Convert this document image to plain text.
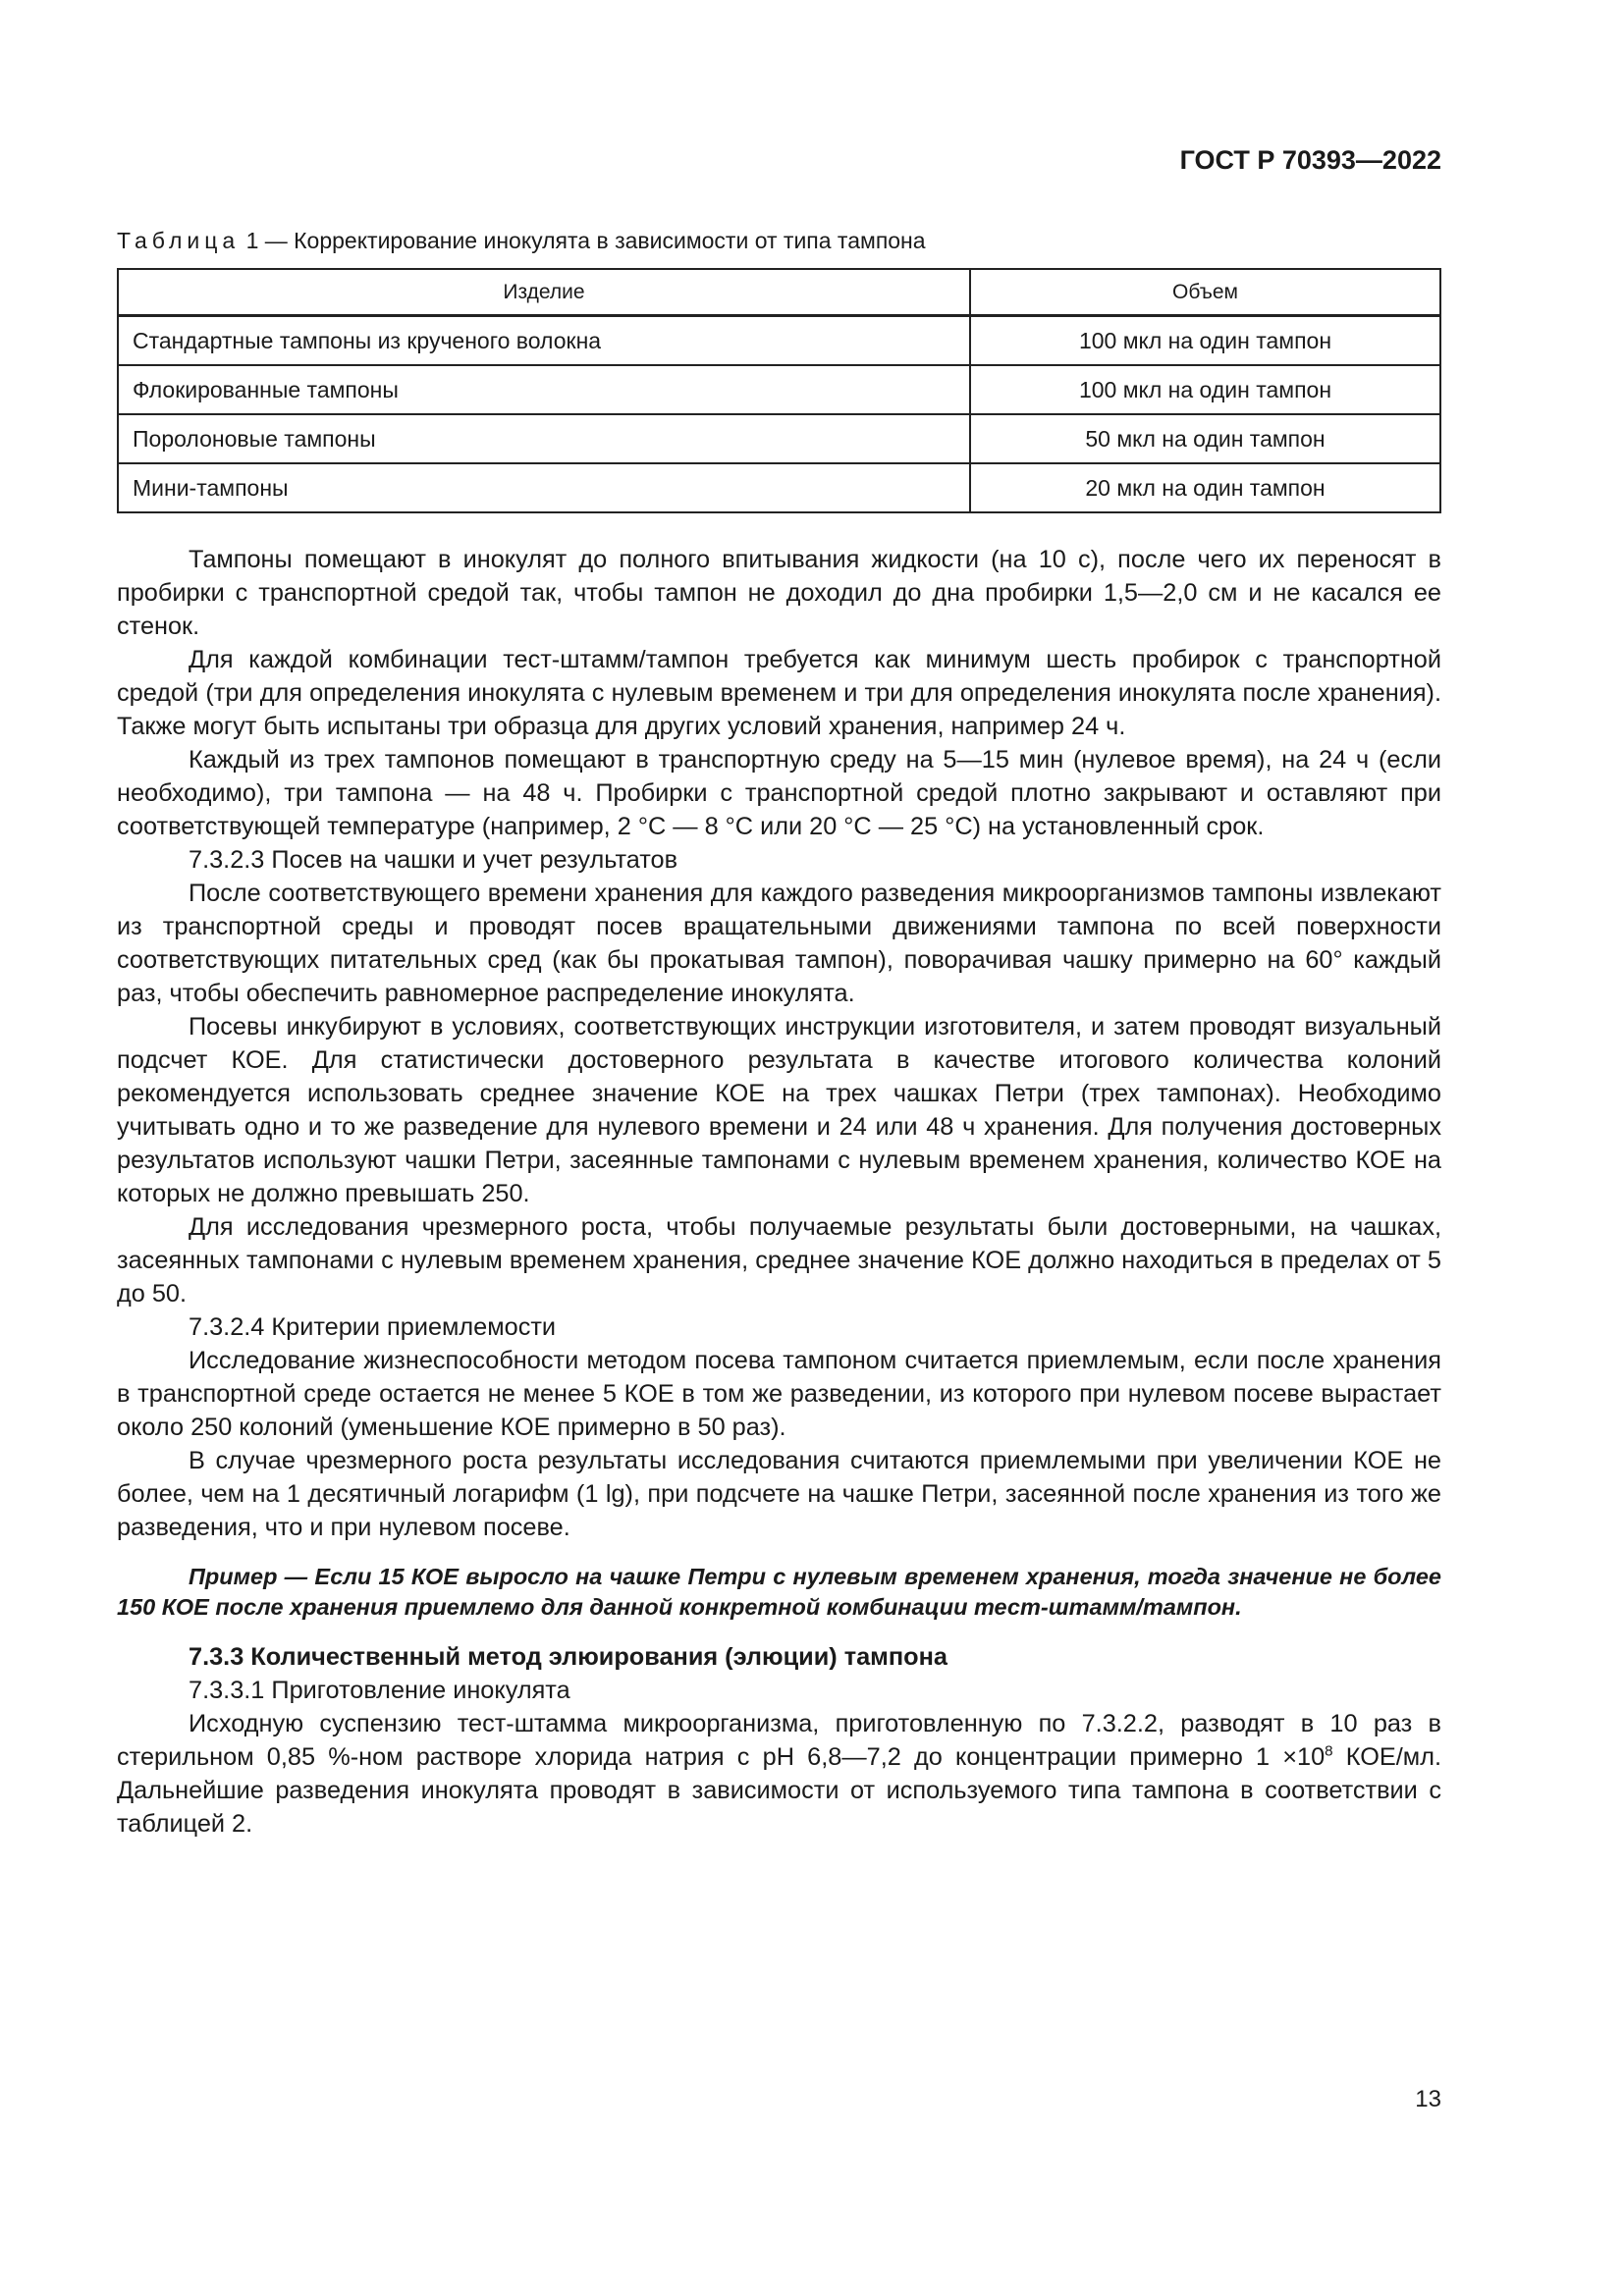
ГОСТ Р 70393—2022
Таблица 1 — Корректирование инокулята в зависимости от типа тампона
Изделие	Объем
Стандартные тампоны из крученого волокна	100 мкл на один тампон
Флокированные тампоны	100 мкл на один тампон
Поролоновые тампоны	50 мкл на один тампон
Мини-тампоны	20 мкл на один тампон

Тампоны помещают в инокулят до полного впитывания жидкости (на 10 с), после чего их переносят в пробирки с транспортной средой так, чтобы тампон не доходил до дна пробирки 1,5—2,0 см и не касался ее стенок.

Для каждой комбинации тест-штамм/тампон требуется как минимум шесть пробирок с транспортной средой (три для определения инокулята с нулевым временем и три для определения инокулята после хранения). Также могут быть испытаны три образца для других условий хранения, например 24 ч.

Каждый из трех тампонов помещают в транспортную среду на 5—15 мин (нулевое время), на 24 ч (если необходимо), три тампона — на 48 ч. Пробирки с транспортной средой плотно закрывают и оставляют при соответствующей температуре (например, 2 °С — 8 °С или 20 °С — 25 °С) на установленный срок.

7.3.2.3 Посев на чашки и учет результатов

После соответствующего времени хранения для каждого разведения микроорганизмов тампоны извлекают из транспортной среды и проводят посев вращательными движениями тампона по всей поверхности соответствующих питательных сред (как бы прокатывая тампон), поворачивая чашку примерно на 60° каждый раз, чтобы обеспечить равномерное распределение инокулята.

Посевы инкубируют в условиях, соответствующих инструкции изготовителя, и затем проводят визуальный подсчет КОЕ. Для статистически достоверного результата в качестве итогового количества колоний рекомендуется использовать среднее значение КОЕ на трех чашках Петри (трех тампонах). Необходимо учитывать одно и то же разведение для нулевого времени и 24 или 48 ч хранения. Для получения достоверных результатов используют чашки Петри, засеянные тампонами с нулевым временем хранения, количество КОЕ на которых не должно превышать 250.

Для исследования чрезмерного роста, чтобы получаемые результаты были достоверными, на чашках, засеянных тампонами с нулевым временем хранения, среднее значение КОЕ должно находиться в пределах от 5 до 50.

7.3.2.4 Критерии приемлемости

Исследование жизнеспособности методом посева тампоном считается приемлемым, если после хранения в транспортной среде остается не менее 5 КОЕ в том же разведении, из которого при нулевом посеве вырастает около 250 колоний (уменьшение КОЕ примерно в 50 раз).

В случае чрезмерного роста результаты исследования считаются приемлемыми при увеличении КОЕ не более, чем на 1 десятичный логарифм (1 lg), при подсчете на чашке Петри, засеянной после хранения из того же разведения, что и при нулевом посеве.

Пример — Если 15 КОЕ выросло на чашке Петри с нулевым временем хранения, тогда значение не более 150 КОЕ после хранения приемлемо для данной конкретной комбинации тест-штамм/тампон.

7.3.3 Количественный метод элюирования (элюции) тампона

7.3.3.1 Приготовление инокулята

Исходную суспензию тест-штамма микроорганизма, приготовленную по 7.3.2.2, разводят в 10 раз в стерильном 0,85 %-ном растворе хлорида натрия с рН 6,8—7,2 до концентрации примерно $1 \times 10^8$ КОЕ/мл. Дальнейшие разведения инокулята проводят в зависимости от используемого типа тампона в соответствии с таблицей 2.

13
